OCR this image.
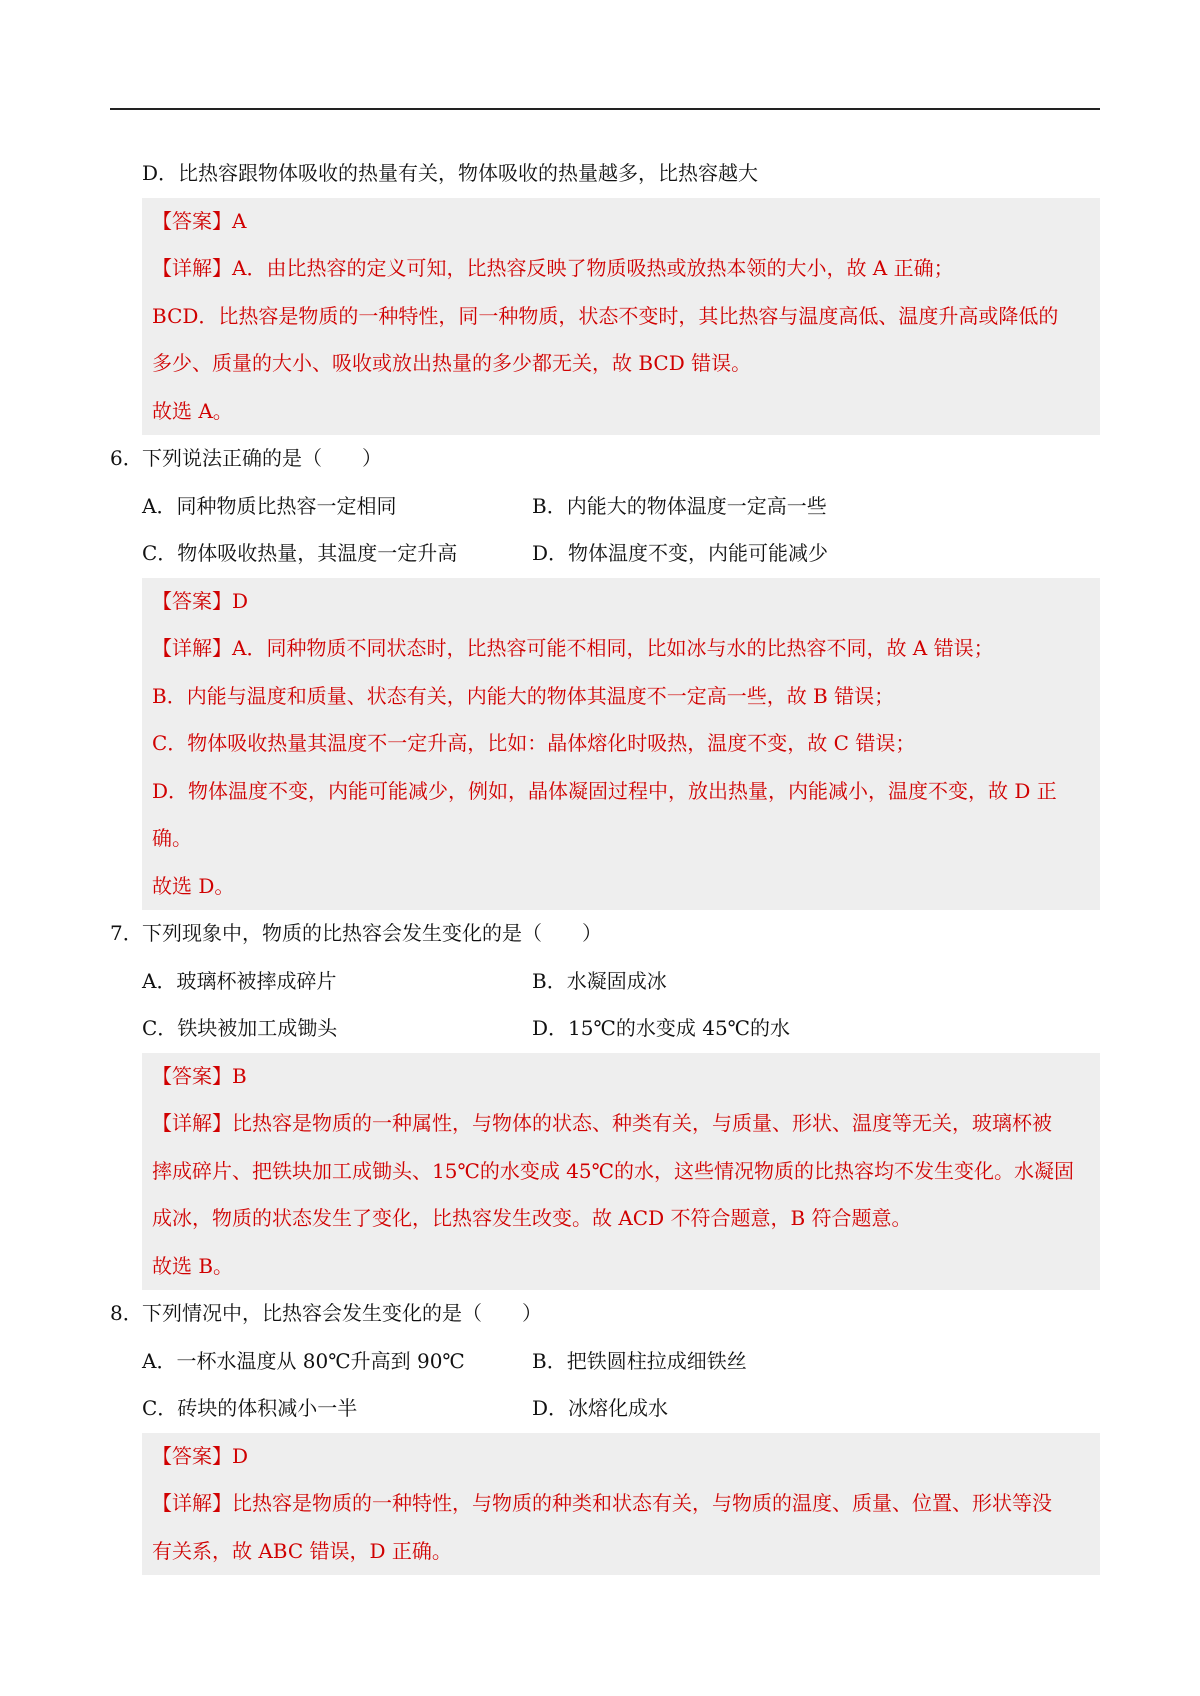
D．比热容跟物体吸收的热量有关，物体吸收的热量越多，比热容越大
【答案】A
【详解】A．由比热容的定义可知，比热容反映了物质吸热或放热本领的大小，故 A 正确；
BCD．比热容是物质的一种特性，同一种物质，状态不变时，其比热容与温度高低、温度升高或降低的
多少、质量的大小、吸收或放出热量的多少都无关，故 BCD 错误。
故选 A。
6．下列说法正确的是（　　）
A．同种物质比热容一定相同	B．内能大的物体温度一定高一些
C．物体吸收热量，其温度一定升高	D．物体温度不变，内能可能减少
【答案】D
【详解】A．同种物质不同状态时，比热容可能不相同，比如冰与水的比热容不同，故 A 错误；
B．内能与温度和质量、状态有关，内能大的物体其温度不一定高一些，故 B 错误；
C．物体吸收热量其温度不一定升高，比如：晶体熔化时吸热，温度不变，故 C 错误；
D．物体温度不变，内能可能减少，例如，晶体凝固过程中，放出热量，内能减小，温度不变，故 D 正
确。
故选 D。
7．下列现象中，物质的比热容会发生变化的是（　　）
A．玻璃杯被摔成碎片	B．水凝固成冰
C．铁块被加工成锄头	D．15℃的水变成 45℃的水
【答案】B
【详解】比热容是物质的一种属性，与物体的状态、种类有关，与质量、形状、温度等无关，玻璃杯被
摔成碎片、把铁块加工成锄头、15℃的水变成 45℃的水，这些情况物质的比热容均不发生变化。水凝固
成冰，物质的状态发生了变化，比热容发生改变。故 ACD 不符合题意，B 符合题意。
故选 B。
8．下列情况中，比热容会发生变化的是（　　）
A．一杯水温度从 80℃升高到 90℃	B．把铁圆柱拉成细铁丝
C．砖块的体积减小一半	D．冰熔化成水
【答案】D
【详解】比热容是物质的一种特性，与物质的种类和状态有关，与物质的温度、质量、位置、形状等没
有关系，故 ABC 错误，D 正确。
